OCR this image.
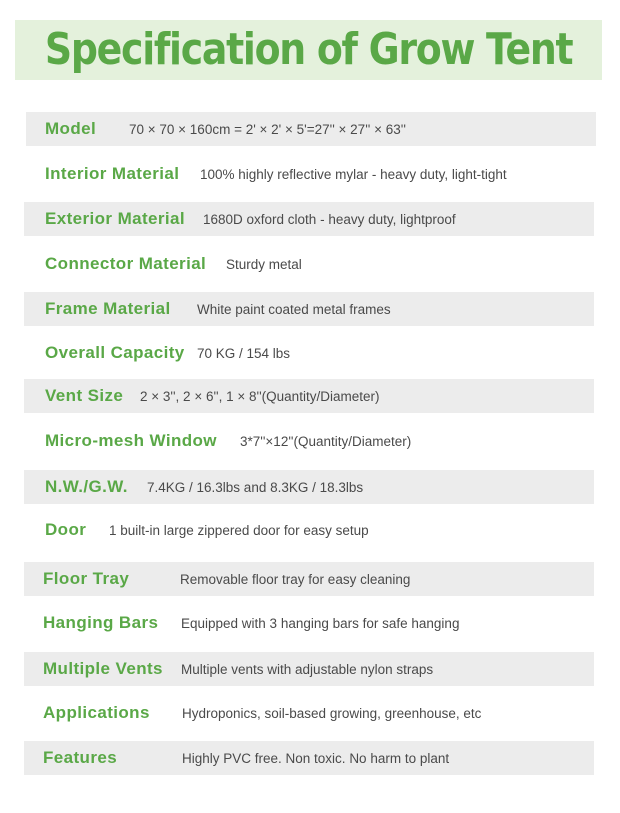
Specification of Grow Tent
Model 70 × 70 × 160cm = 2' × 2' × 5'=27'' × 27'' × 63''
Interior Material 100% highly reflective mylar - heavy duty, light-tight
Exterior Material 1680D oxford cloth - heavy duty, lightproof
Connector Material Sturdy metal
Frame Material White paint coated metal frames
Overall Capacity 70 KG / 154 lbs
Vent Size 2 × 3'', 2 × 6'', 1 × 8''(Quantity/Diameter)
Micro-mesh Window 3*7''×12''(Quantity/Diameter)
N.W./G.W. 7.4KG / 16.3lbs and 8.3KG / 18.3lbs
Door 1 built-in large zippered door for easy setup
Floor Tray	Removable floor tray for easy cleaning
Hanging Bars Equipped with 3 hanging bars for safe hanging
Multiple Vents Multiple vents with adjustable nylon straps
Applications Hydroponics, soil-based growing, greenhouse, etc
Features	Highly PVC free. Non toxic. No harm to plant
